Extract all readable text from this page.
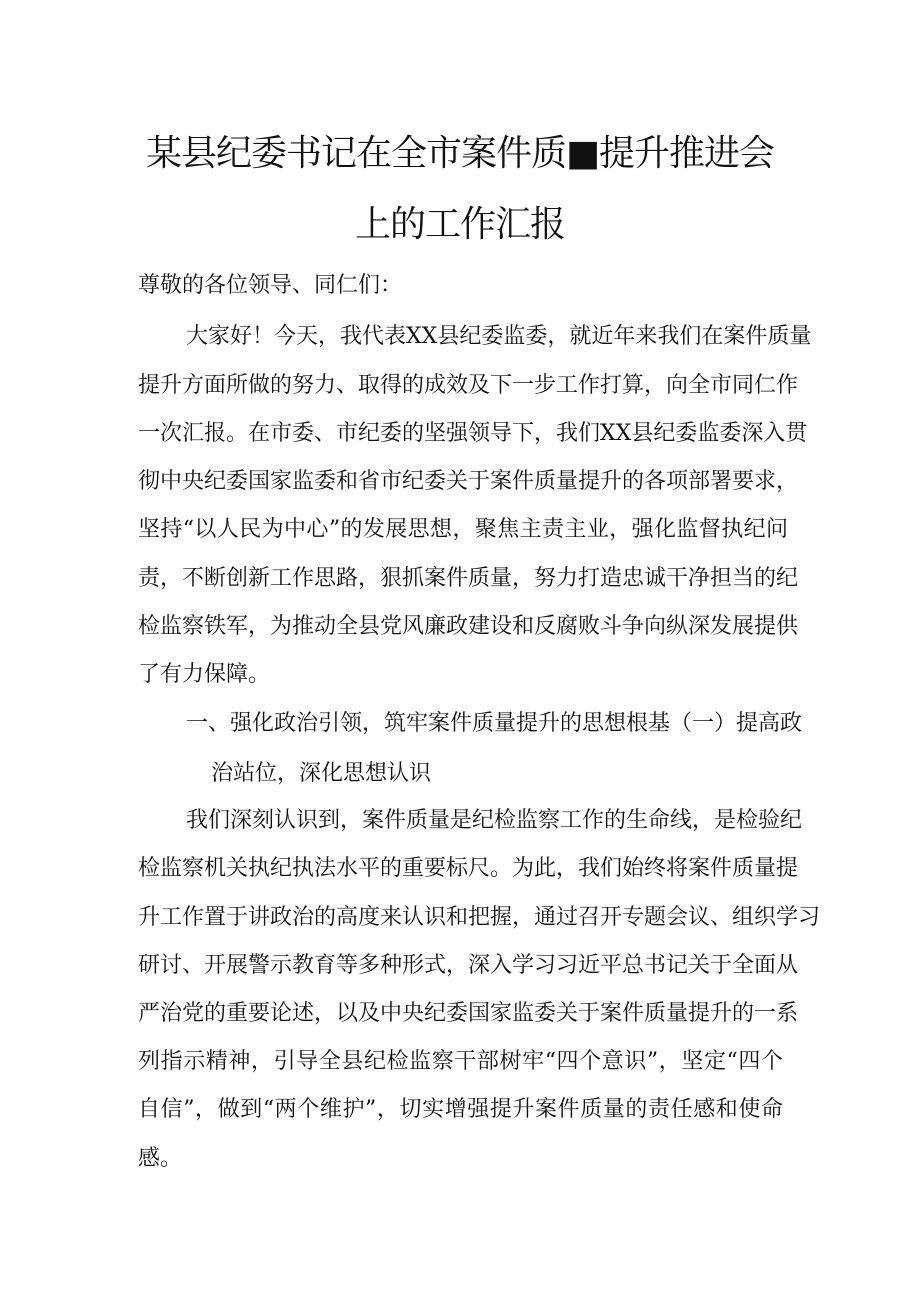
某县纪委书记在全市案件质■提升推进会
上的工作汇报
尊敬的各位领导、同仁们：
大家好！今天，我代表XX县纪委监委，就近年来我们在案件质量
提升方面所做的努力、取得的成效及下一步工作打算，向全市同仁作
一次汇报。在市委、市纪委的坚强领导下，我们XX县纪委监委深入贯
彻中央纪委国家监委和省市纪委关于案件质量提升的各项部署要求，
坚持“以人民为中心”的发展思想，聚焦主责主业，强化监督执纪问
责，不断创新工作思路，狠抓案件质量，努力打造忠诚干净担当的纪
检监察铁军，为推动全县党风廉政建设和反腐败斗争向纵深发展提供
了有力保障。
一、强化政治引领，筑牢案件质量提升的思想根基（一）提高政
治站位，深化思想认识
我们深刻认识到，案件质量是纪检监察工作的生命线，是检验纪
检监察机关执纪执法水平的重要标尺。为此，我们始终将案件质量提
升工作置于讲政治的高度来认识和把握，通过召开专题会议、组织学习
研讨、开展警示教育等多种形式，深入学习习近平总书记关于全面从
严治党的重要论述，以及中央纪委国家监委关于案件质量提升的一系
列指示精神，引导全县纪检监察干部树牢“四个意识”，坚定“四个
自信”，做到“两个维护”，切实增强提升案件质量的责任感和使命
感。
